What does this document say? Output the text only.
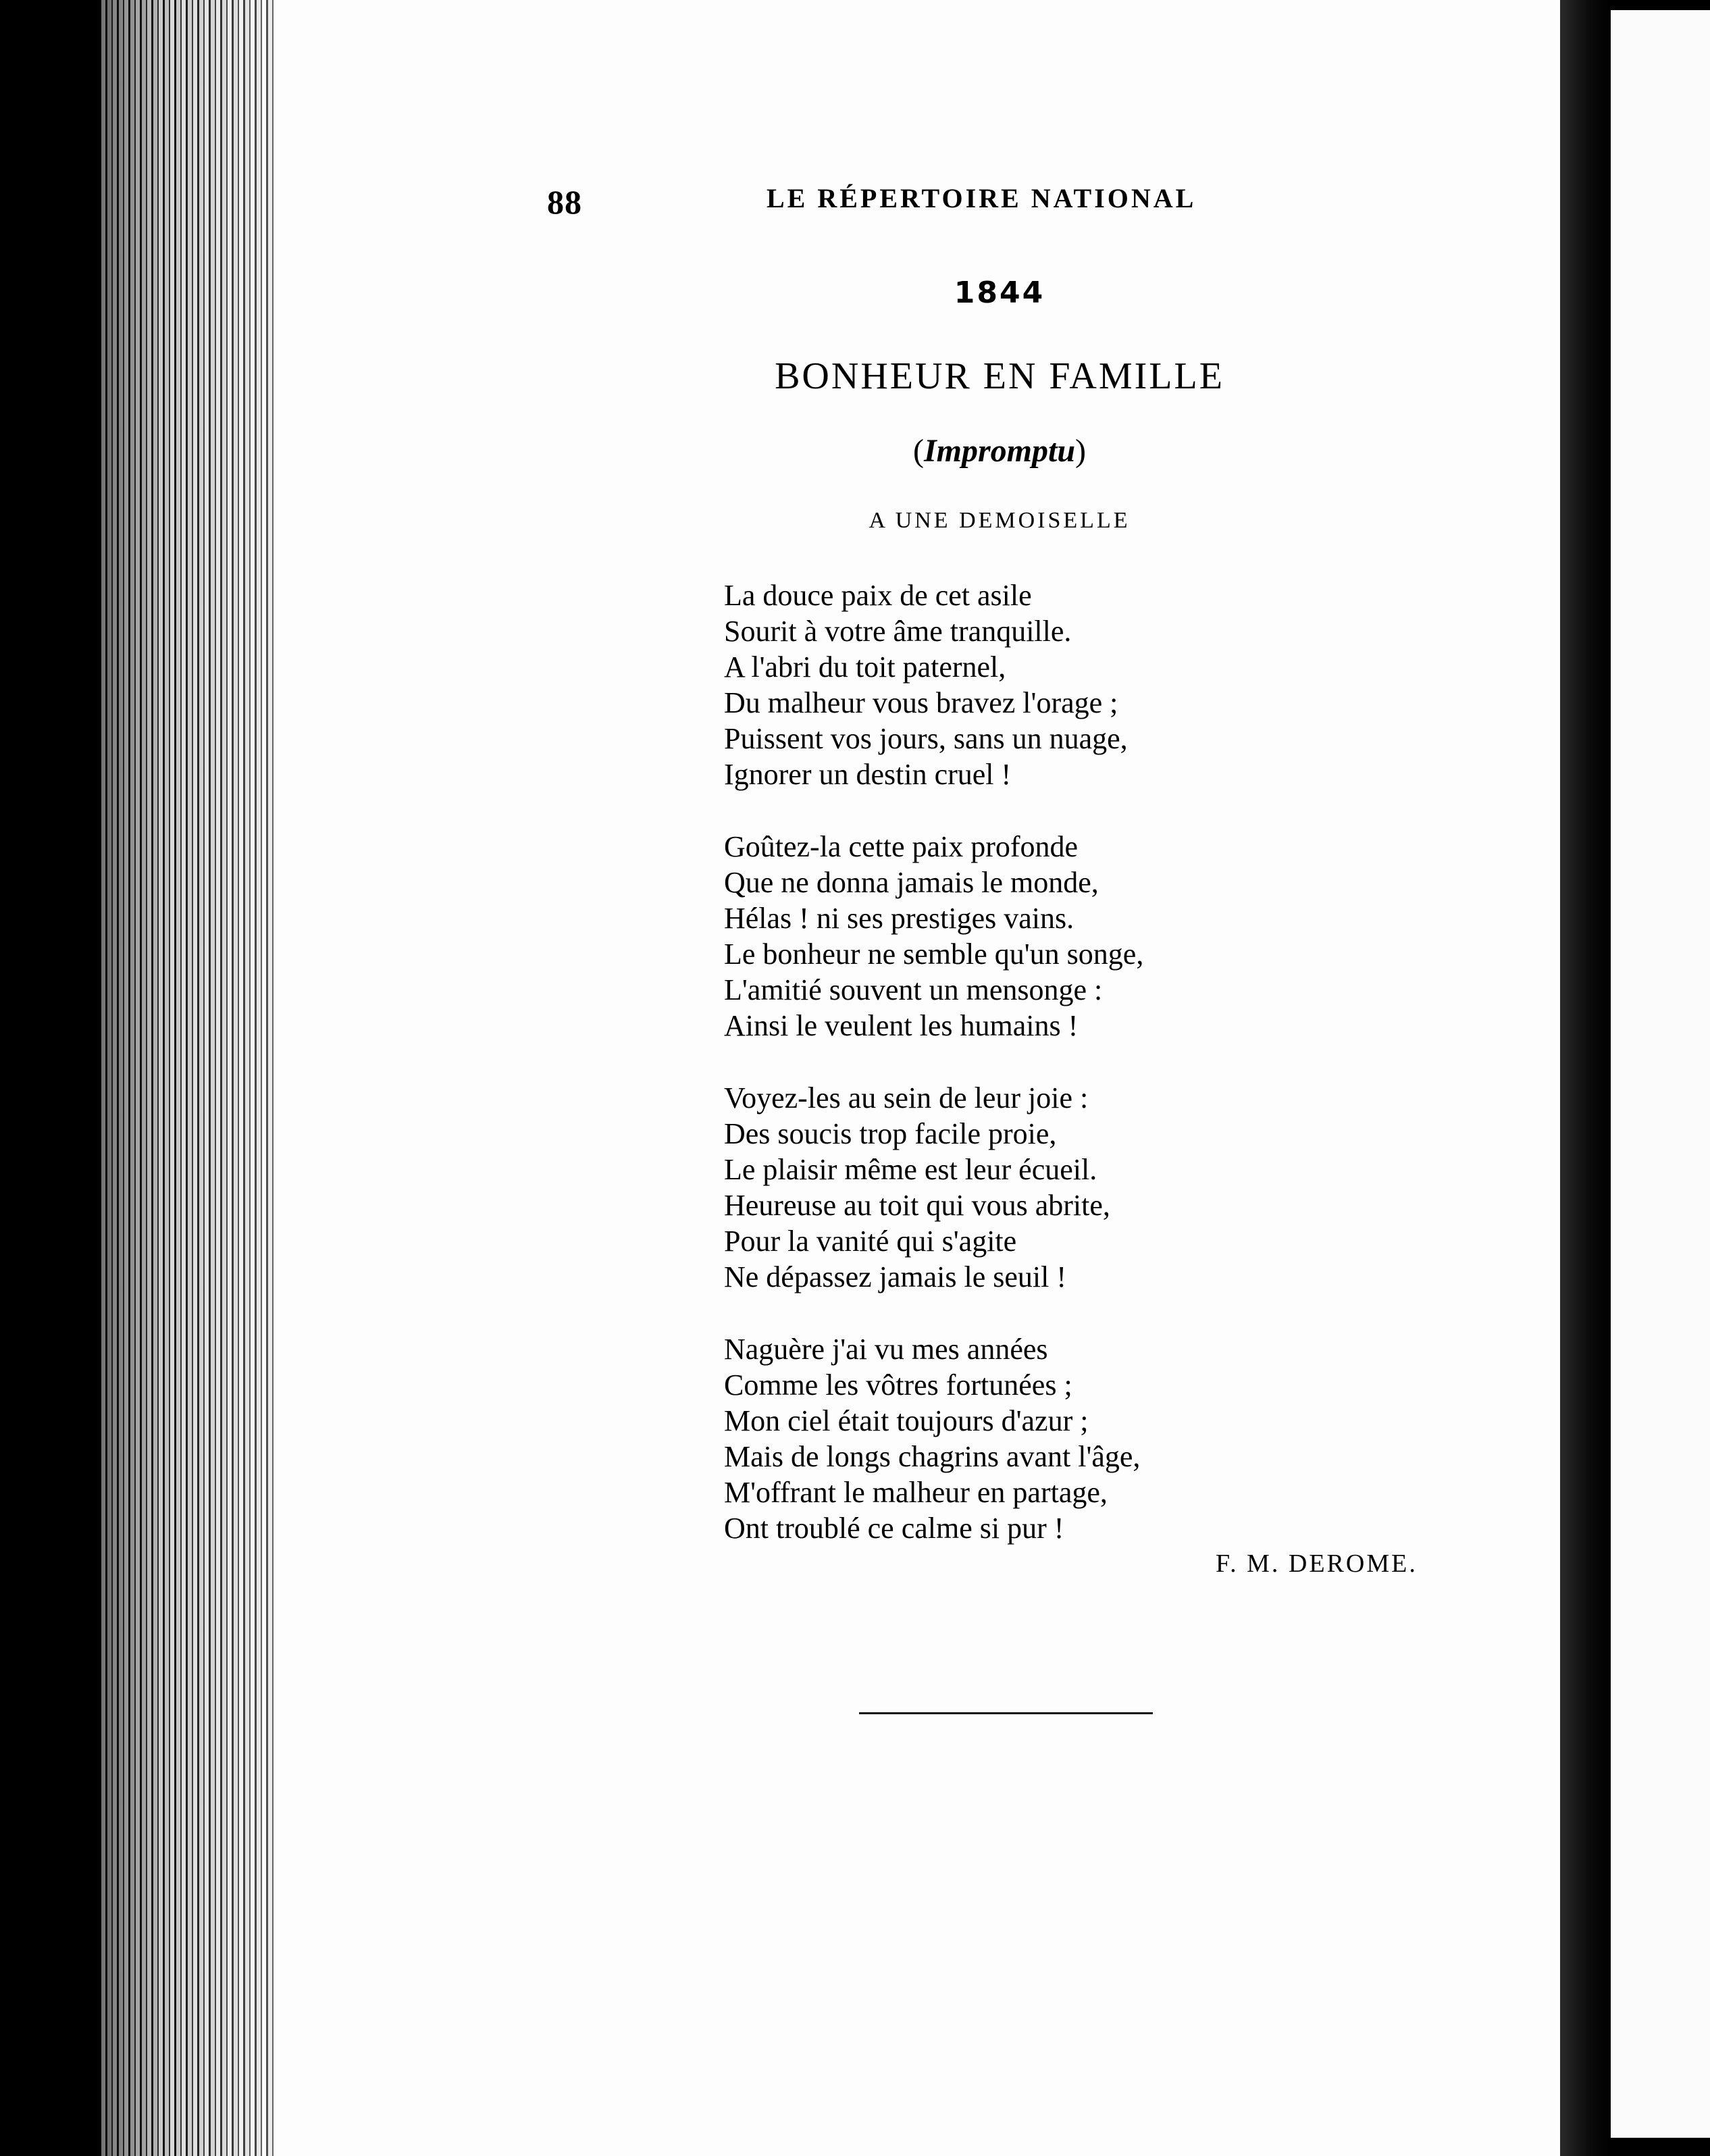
88	LE RÉPERTOIRE NATIONAL
1844
BONHEUR EN FAMILLE
(Impromptu)
A UNE DEMOISELLE
La douce paix de cet asile
Sourit à votre âme tranquille.
A l'abri du toit paternel,
Du malheur vous bravez l'orage ;
Puissent vos jours, sans un nuage,
Ignorer un destin cruel !
Goûtez-la cette paix profonde
Que ne donna jamais le monde,
Hélas ! ni ses prestiges vains.
Le bonheur ne semble qu'un songe,
L'amitié souvent un mensonge :
Ainsi le veulent les humains !
Voyez-les au sein de leur joie :
Des soucis trop facile proie,
Le plaisir même est leur écueil.
Heureuse au toit qui vous abrite,
Pour la vanité qui s'agite
Ne dépassez jamais le seuil !
Naguère j'ai vu mes années
Comme les vôtres fortunées ;
Mon ciel était toujours d'azur ;
Mais de longs chagrins avant l'âge,
M'offrant le malheur en partage,
Ont troublé ce calme si pur !
F. M. DEROME.
